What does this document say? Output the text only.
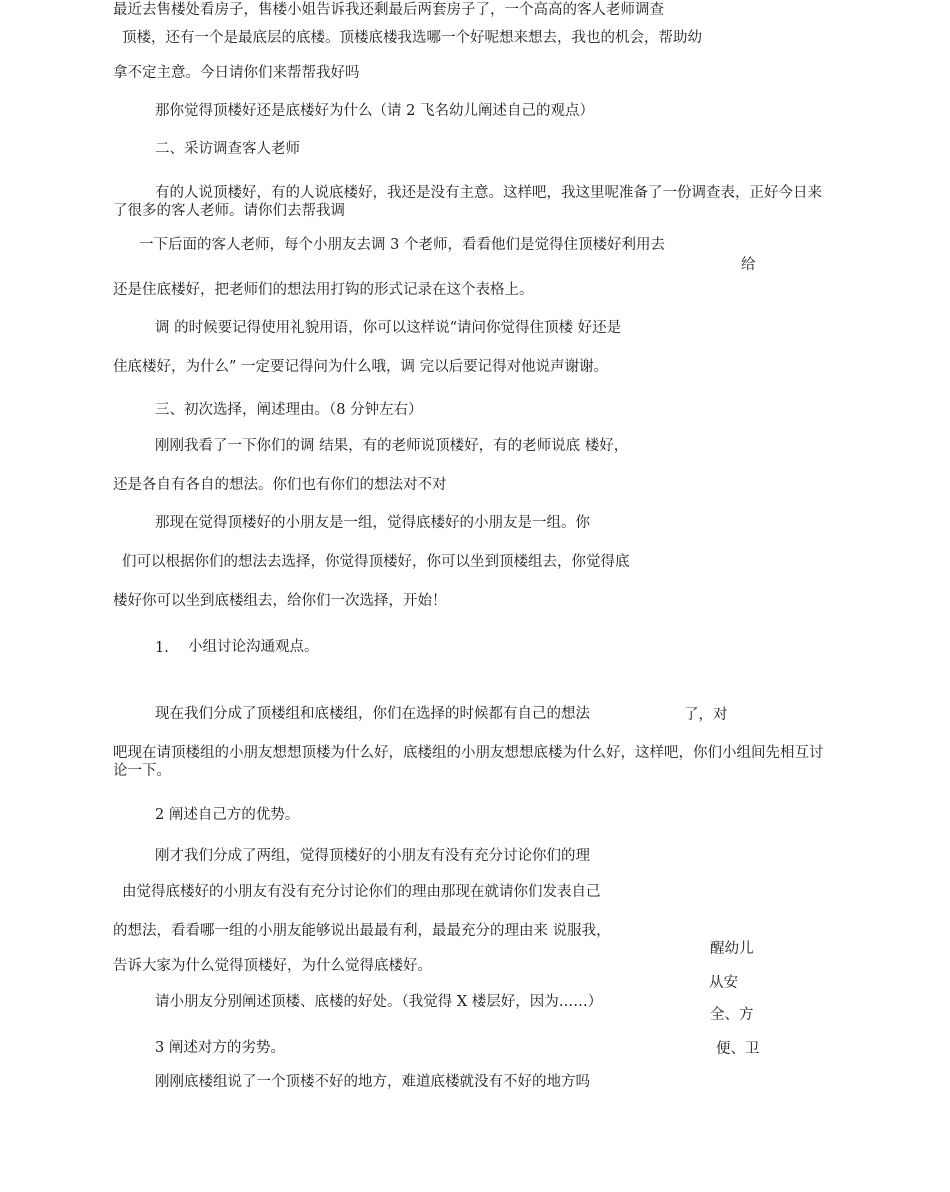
最近去售楼处看房子，售楼小姐告诉我还剩最后两套房子了，一个高高的客人老师调查
顶楼，还有一个是最底层的底楼。顶楼底楼我选哪一个好呢想来想去，我也的机会，帮助幼
拿不定主意。今日请你们来帮帮我好吗
那你觉得顶楼好还是底楼好为什么（请 2 飞名幼儿阐述自己的观点）
二、采访调查客人老师
有的人说顶楼好，有的人说底楼好，我还是没有主意。这样吧，我这里呢准备了一份调查表，正好今日来了很多的客人老师。请你们去帮我调
一下后面的客人老师，每个小朋友去调 3 个老师，看看他们是觉得住顶楼好利用去
给
还是住底楼好，把老师们的想法用打钩的形式记录在这个表格上。
调 的时候要记得使用礼貌用语，你可以这样说“请问你觉得住顶楼 好还是
住底楼好，为什么” 一定要记得问为什么哦，调 完以后要记得对他说声谢谢。
三、初次选择，阐述理由。（8 分钟左右）
刚刚我看了一下你们的调 结果，有的老师说顶楼好，有的老师说底 楼好，
还是各自有各自的想法。你们也有你们的想法对不对
那现在觉得顶楼好的小朋友是一组，觉得底楼好的小朋友是一组。你
们可以根据你们的想法去选择，你觉得顶楼好，你可以坐到顶楼组去，你觉得底
楼好你可以坐到底楼组去，给你们一次选择，开始！
1. 小组讨论沟通观点。
现在我们分成了顶楼组和底楼组，你们在选择的时候都有自己的想法	了，对
吧现在请顶楼组的小朋友想想顶楼为什么好，底楼组的小朋友想想底楼为什么好，这样吧，你们小组间先相互讨论一下。
2 阐述自己方的优势。
刚才我们分成了两组，觉得顶楼好的小朋友有没有充分讨论你们的理
由觉得底楼好的小朋友有没有充分讨论你们的理由那现在就请你们发表自己
的想法，看看哪一组的小朋友能够说出最最有利，最最充分的理由来 说服我，
醒幼儿
告诉大家为什么觉得顶楼好，为什么觉得底楼好。
从安
请小朋友分别阐述顶楼、底楼的好处。（我觉得 X 楼层好，因为……）
全、方
3 阐述对方的劣势。	便、卫
刚刚底楼组说了一个顶楼不好的地方，难道底楼就没有不好的地方吗
